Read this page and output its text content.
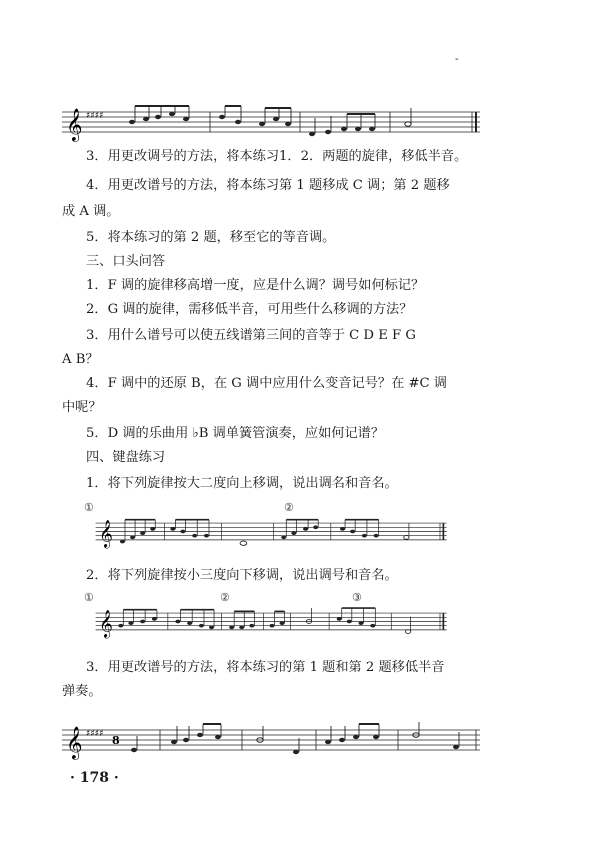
-
𝄞 ♯♯♯♯
3．用更改调号的方法，将本练习1．2．两题的旋律，移低半音。
4．用更改谱号的方法，将本练习第 1 题移成 C 调；第 2 题移
成 A 调。
5．将本练习的第 2 题，移至它的等音调。
三、口头问答
1．F 调的旋律移高增一度，应是什么调？调号如何标记？
2．G 调的旋律，需移低半音，可用些什么移调的方法？
3．用什么谱号可以使五线谱第三间的音等于 C D E F G
A B？
4．F 调中的还原 B，在 G 调中应用什么变音记号？在 #C 调
中呢？
5．D 调的乐曲用 ♭B 调单簧管演奏，应如何记谱？
四、键盘练习
1．将下列旋律按大二度向上移调，说出调名和音名。
①	②
𝄞
2．将下列旋律按小三度向下移调，说出调号和音名。
①	②	③
𝄞
3．用更改谱号的方法，将本练习的第 1 题和第 2 题移低半音
弹奏。
𝄞 ♯♯♯♯ 8
· 178 ·
